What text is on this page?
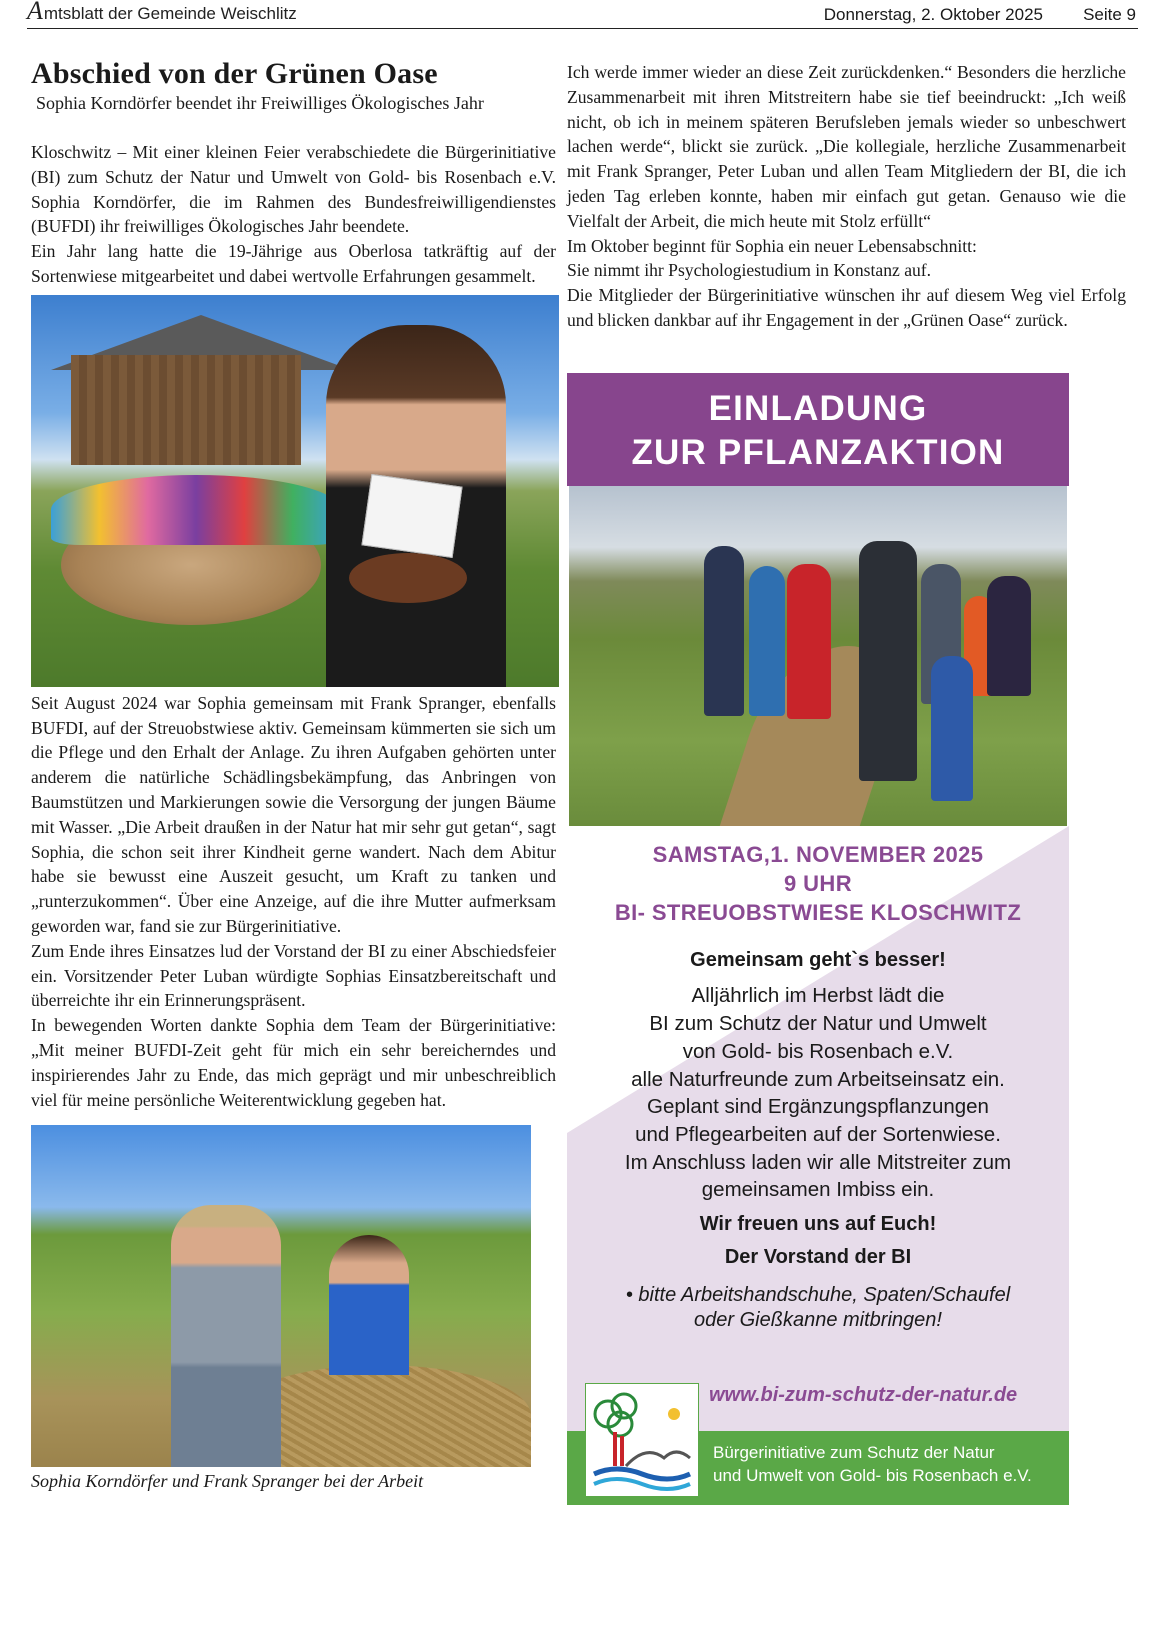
Amtsblatt der Gemeinde Weischlitz	Donnerstag, 2. Oktober 2025 Seite 9
Abschied von der Grünen Oase

Sophia Korndörfer beendet ihr Freiwilliges Ökologisches Jahr

Kloschwitz – Mit einer kleinen Feier verabschiedete die Bürgerinitiative (BI) zum Schutz der Natur und Umwelt von Gold- bis Rosenbach e.V. Sophia Korndörfer, die im Rahmen des Bundesfreiwilligendienstes (BUFDI) ihr freiwilliges Ökologisches Jahr beendete.

Ein Jahr lang hatte die 19-Jährige aus Oberlosa tatkräftig auf der Sortenwiese mitgearbeitet und dabei wertvolle Erfahrungen gesammelt.

Seit August 2024 war Sophia gemeinsam mit Frank Spranger, ebenfalls BUFDI, auf der Streuobstwiese aktiv. Gemeinsam kümmerten sie sich um die Pflege und den Erhalt der Anlage. Zu ihren Aufgaben gehörten unter anderem die natürliche Schädlingsbekämpfung, das Anbringen von Baumstützen und Markierungen sowie die Versorgung der jungen Bäume mit Wasser. „Die Arbeit draußen in der Natur hat mir sehr gut getan“, sagt Sophia, die schon seit ihrer Kindheit gerne wandert. Nach dem Abitur habe sie bewusst eine Auszeit gesucht, um Kraft zu tanken und „runterzukommen“. Über eine Anzeige, auf die ihre Mutter aufmerksam geworden war, fand sie zur Bürgerinitiative.

Zum Ende ihres Einsatzes lud der Vorstand der BI zu einer Abschiedsfeier ein. Vorsitzender Peter Luban würdigte Sophias Einsatzbereitschaft und überreichte ihr ein Erinnerungspräsent.

In bewegenden Worten dankte Sophia dem Team der Bürgerinitiative: „Mit meiner BUFDI-Zeit geht für mich ein sehr bereicherndes und inspirierendes Jahr zu Ende, das mich geprägt und mir unbeschreiblich viel für meine persönliche Weiterentwicklung gegeben hat.

Sophia Korndörfer und Frank Spranger bei der Arbeit

Ich werde immer wieder an diese Zeit zurückdenken.“ Besonders die herzliche Zusammenarbeit mit ihren Mitstreitern habe sie tief beeindruckt: „Ich weiß nicht, ob ich in meinem späteren Berufsleben jemals wieder so unbeschwert lachen werde“, blickt sie zurück. „Die kollegiale, herzliche Zusammenarbeit mit Frank Spranger, Peter Luban und allen Team Mitgliedern der BI, die ich jeden Tag erleben konnte, haben mir einfach gut getan. Genauso wie die Vielfalt der Arbeit, die mich heute mit Stolz erfüllt“

Im Oktober beginnt für Sophia ein neuer Lebensabschnitt:

Sie nimmt ihr Psychologiestudium in Konstanz auf.

Die Mitglieder der Bürgerinitiative wünschen ihr auf diesem Weg viel Erfolg und blicken dankbar auf ihr Engagement in der „Grünen Oase“ zurück.

EINLADUNG
ZUR PFLANZAKTION
SAMSTAG,1. NOVEMBER 2025
9 UHR
BI- STREUOBSTWIESE KLOSCHWITZ
Gemeinsam geht`s besser!
Alljährlich im Herbst lädt die
BI zum Schutz der Natur und Umwelt
von Gold- bis Rosenbach e.V.
alle Naturfreunde zum Arbeitseinsatz ein.
Geplant sind Ergänzungspflanzungen
und Pflegearbeiten auf der Sortenwiese.
Im Anschluss laden wir alle Mitstreiter zum
gemeinsamen Imbiss ein.
Wir freuen uns auf Euch!
Der Vorstand der BI
• bitte Arbeitshandschuhe, Spaten/Schaufel
oder Gießkanne mitbringen!
Bürgerinitiative zum Schutz der Natur
und Umwelt von Gold- bis Rosenbach e.V.
www.bi-zum-schutz-der-natur.de
